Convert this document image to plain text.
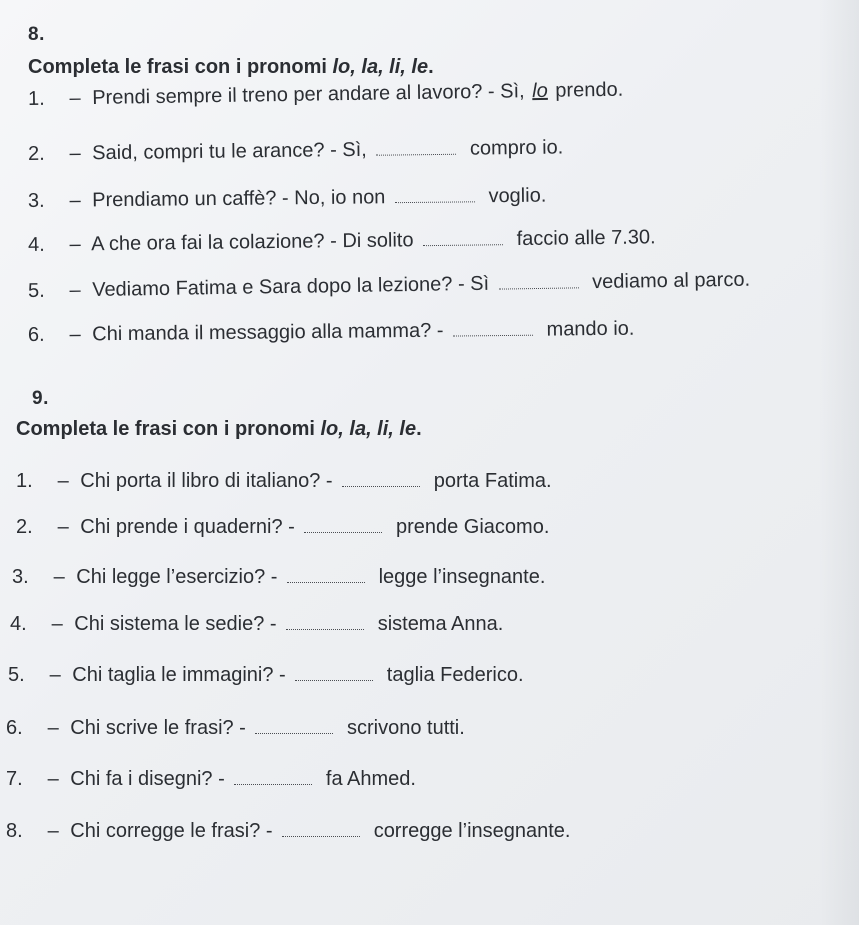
8.
Completa le frasi con i pronomi lo, la, li, le.
1. – Prendi sempre il treno per andare al lavoro? - Sì, lo prendo.
2. – Said, compri tu le arance? - Sì,	compro io.
3. – Prendiamo un caffè? - No, io non	voglio.
4. – A che ora fai la colazione? - Di solito	faccio alle 7.30.
5. – Vediamo Fatima e Sara dopo la lezione? - Sì	vediamo al parco.
6. – Chi manda il messaggio alla mamma? -	mando io.
9.
Completa le frasi con i pronomi lo, la, li, le.
1. – Chi porta il libro di italiano? -	porta Fatima.
2. – Chi prende i quaderni? -	prende Giacomo.
3. – Chi legge l’esercizio? -	legge l’insegnante.
4. – Chi sistema le sedie? -	sistema Anna.
5. – Chi taglia le immagini? -	taglia Federico.
6. – Chi scrive le frasi? -	scrivono tutti.
7. – Chi fa i disegni? -	fa Ahmed.
8. – Chi corregge le frasi? -	corregge l’insegnante.
